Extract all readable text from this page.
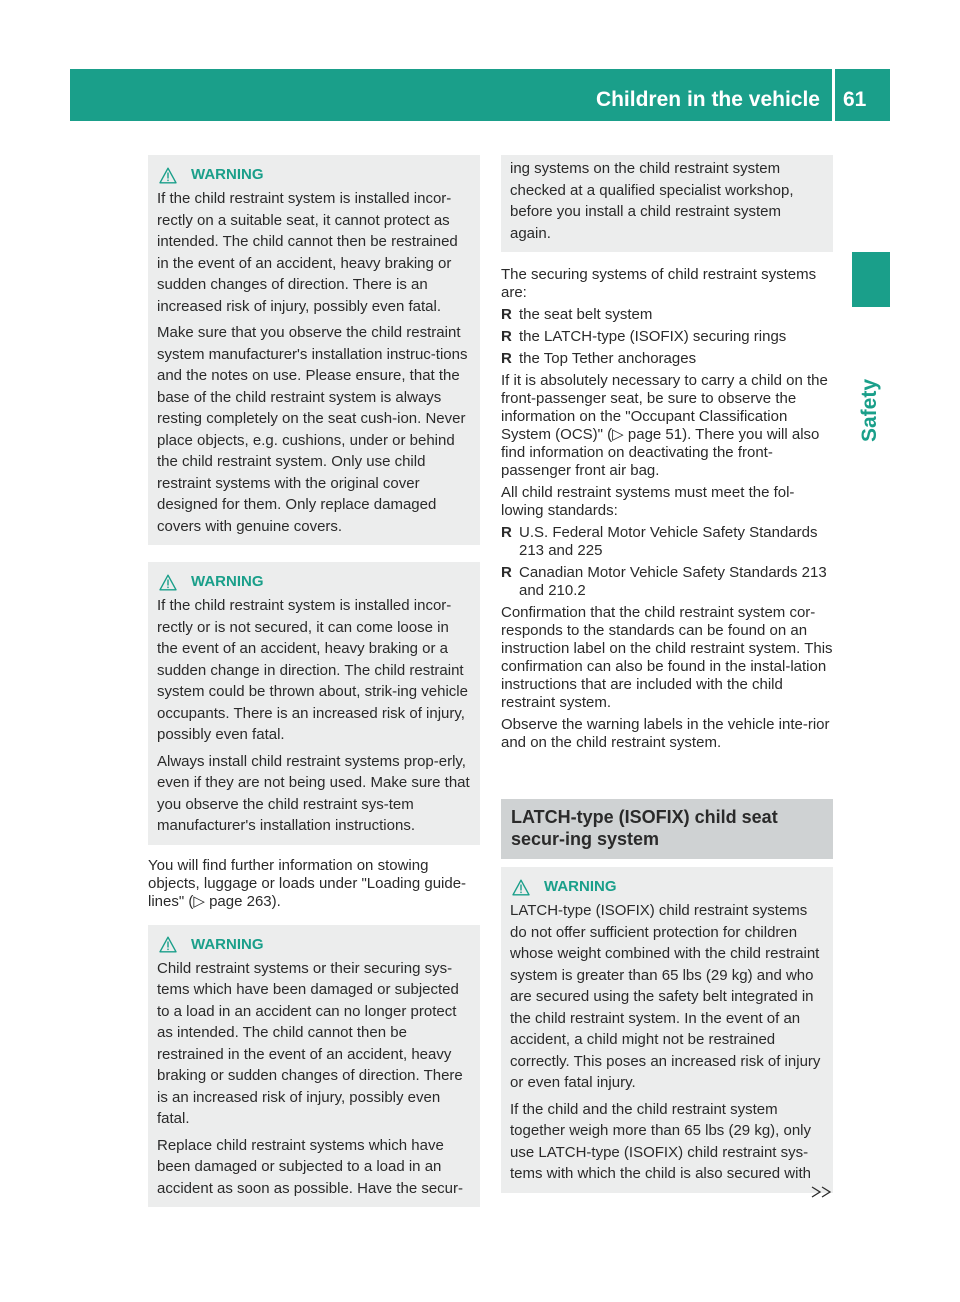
Children in the vehicle 61
Safety
WARNING

If the child restraint system is installed incor-rectly on a suitable seat, it cannot protect as intended. The child cannot then be restrained in the event of an accident, heavy braking or sudden changes of direction. There is an increased risk of injury, possibly even fatal.

Make sure that you observe the child restraint system manufacturer's installation instruc-tions and the notes on use. Please ensure, that the base of the child restraint system is always resting completely on the seat cush-ion. Never place objects, e.g. cushions, under or behind the child restraint system. Only use child restraint systems with the original cover designed for them. Only replace damaged covers with genuine covers.

WARNING

If the child restraint system is installed incor-rectly or is not secured, it can come loose in the event of an accident, heavy braking or a sudden change in direction. The child restraint system could be thrown about, strik-ing vehicle occupants. There is an increased risk of injury, possibly even fatal.

Always install child restraint systems prop-erly, even if they are not being used. Make sure that you observe the child restraint sys-tem manufacturer's installation instructions.

You will find further information on stowing objects, luggage or loads under "Loading guide-lines" (▷ page 263).

WARNING

Child restraint systems or their securing sys-tems which have been damaged or subjected to a load in an accident can no longer protect as intended. The child cannot then be restrained in the event of an accident, heavy braking or sudden changes of direction. There is an increased risk of injury, possibly even fatal.

Replace child restraint systems which have been damaged or subjected to a load in an accident as soon as possible. Have the secur-

ing systems on the child restraint system checked at a qualified specialist workshop, before you install a child restraint system again.

The securing systems of child restraint systems are:

R the seat belt system
R the LATCH-type (ISOFIX) securing rings
R the Top Tether anchorages

If it is absolutely necessary to carry a child on the front-passenger seat, be sure to observe the information on the "Occupant Classification System (OCS)" (▷ page 51). There you will also find information on deactivating the front-passenger front air bag.

All child restraint systems must meet the fol-lowing standards:

R U.S. Federal Motor Vehicle Safety Standards 213 and 225
R Canadian Motor Vehicle Safety Standards 213 and 210.2

Confirmation that the child restraint system cor-responds to the standards can be found on an instruction label on the child restraint system. This confirmation can also be found in the instal-lation instructions that are included with the child restraint system.

Observe the warning labels in the vehicle inte-rior and on the child restraint system.

LATCH-type (ISOFIX) child seat secur-ing system
WARNING

LATCH-type (ISOFIX) child restraint systems do not offer sufficient protection for children whose weight combined with the child restraint system is greater than 65 lbs (29 kg) and who are secured using the safety belt integrated in the child restraint system. In the event of an accident, a child might not be restrained correctly. This poses an increased risk of injury or even fatal injury.

If the child and the child restraint system together weigh more than 65 lbs (29 kg), only use LATCH-type (ISOFIX) child restraint sys-tems with which the child is also secured with
